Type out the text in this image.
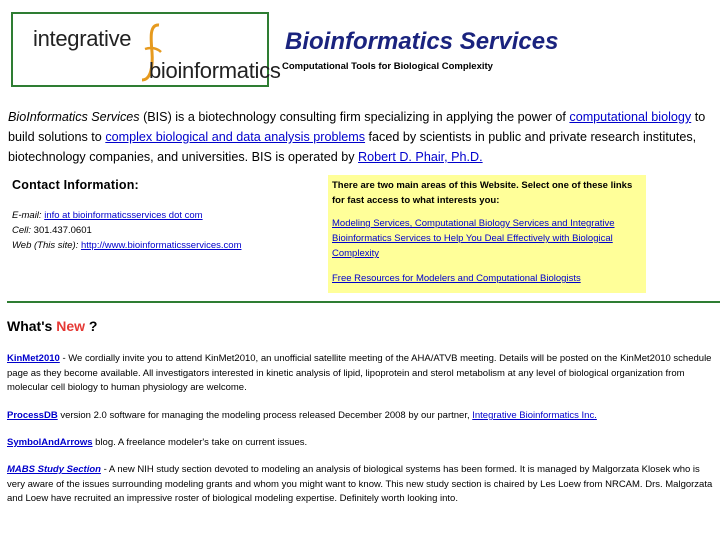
integrative
bioinformatics
Bioinformatics Services
Computational Tools for Biological Complexity
BioInformatics Services (BIS) is a biotechnology consulting firm specializing in applying the power of computational biology to build solutions to complex biological and data analysis problems faced by scientists in public and private research institutes, biotechnology companies, and universities. BIS is operated by Robert D. Phair, Ph.D.
Contact Information:
E-mail: info at bioinformaticsservices dot com
Cell: 301.437.0601
Web (This site): http://www.bioinformaticsservices.com
There are two main areas of this Website. Select one of these links for fast access to what interests you:
Modeling Services, Computational Biology Services and Integrative Bioinformatics Services to Help You Deal Effectively with Biological Complexity
Free Resources for Modelers and Computational Biologists
What's New ?
KinMet2010 - We cordially invite you to attend KinMet2010, an unofficial satellite meeting of the AHA/ATVB meeting. Details will be posted on the KinMet2010 schedule page as they become available. All investigators interested in kinetic analysis of lipid, lipoprotein and sterol metabolism at any level of biological organization from molecular cell biology to human physiology are welcome.
ProcessDB version 2.0 software for managing the modeling process released December 2008 by our partner, Integrative Bioinformatics Inc.
SymbolAndArrows blog. A freelance modeler's take on current issues.
MABS Study Section - A new NIH study section devoted to modeling an analysis of biological systems has been formed. It is managed by Malgorzata Klosek who is very aware of the issues surrounding modeling grants and whom you might want to know. This new study section is chaired by Les Loew from NRCAM. Drs. Malgorzata and Loew have recruited an impressive roster of biological modeling expertise. Definitely worth looking into.
